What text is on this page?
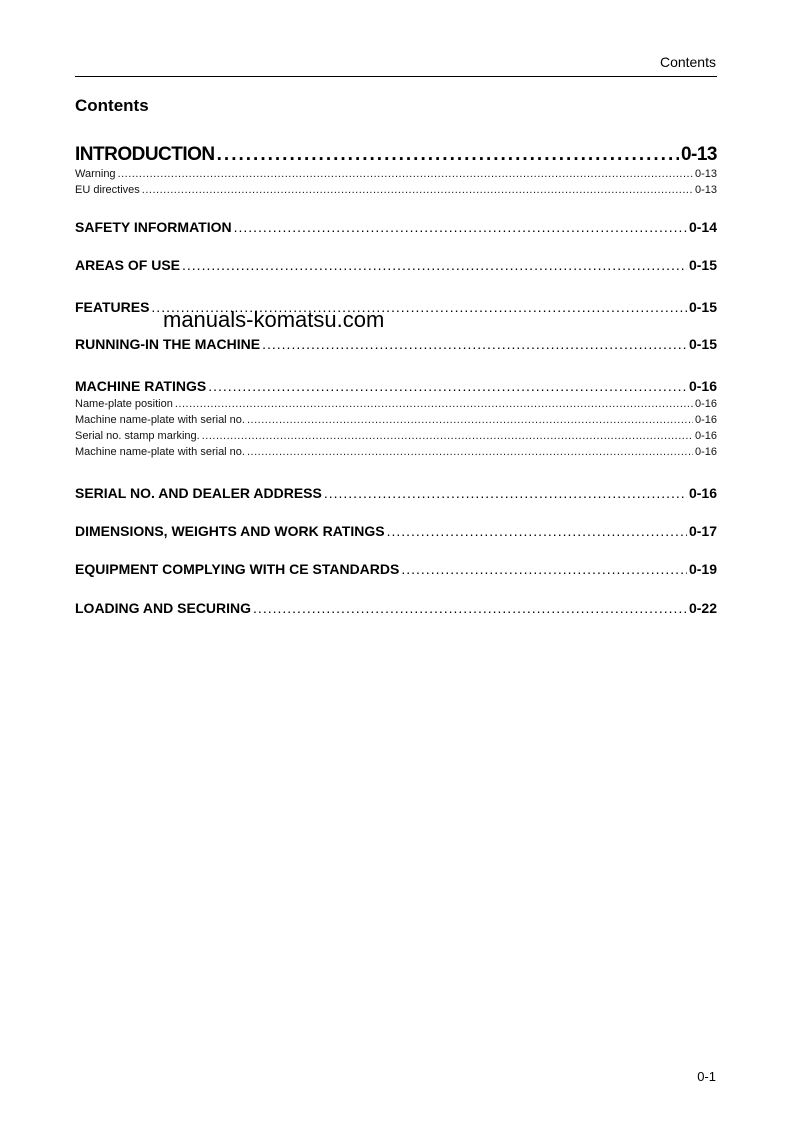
Contents
Contents
INTRODUCTION .....	0-13
Warning .....	0-13
EU directives .....	0-13
SAFETY INFORMATION .....	0-14
AREAS OF USE .....	0-15
FEATURES .....	0-15
RUNNING-IN THE MACHINE .....	0-15
MACHINE RATINGS .....	0-16
Name-plate position .....	0-16
Machine name-plate with serial no. .....	0-16
Serial no. stamp marking. .....	0-16
Machine name-plate with serial no. .....	0-16
SERIAL NO. AND DEALER ADDRESS .....	0-16
DIMENSIONS, WEIGHTS AND WORK RATINGS .....	0-17
EQUIPMENT COMPLYING WITH CE STANDARDS .....	0-19
LOADING AND SECURING .....	0-22
manuals-komatsu.com
0-1
